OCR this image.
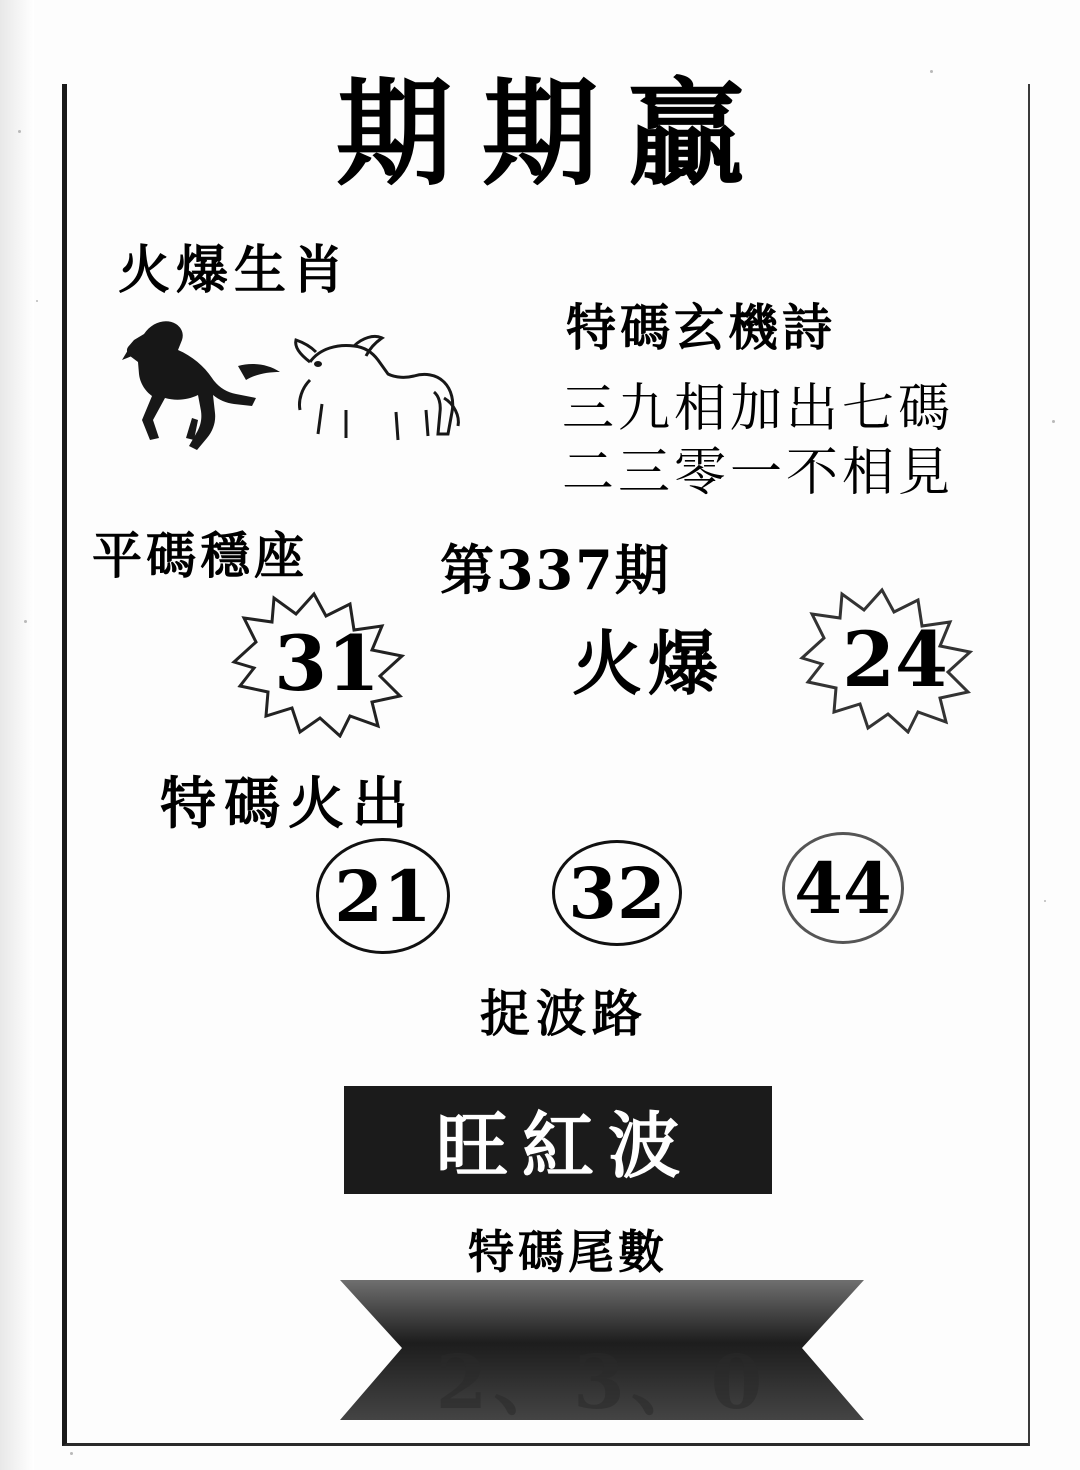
期期贏
火爆生肖
特碼玄機詩
三九相加出七碼
二三零一不相見
平碼穩座 第337期
31	火爆 24
特碼火出
21 32 44
捉波路
旺紅波
特碼尾數
2、3、0
